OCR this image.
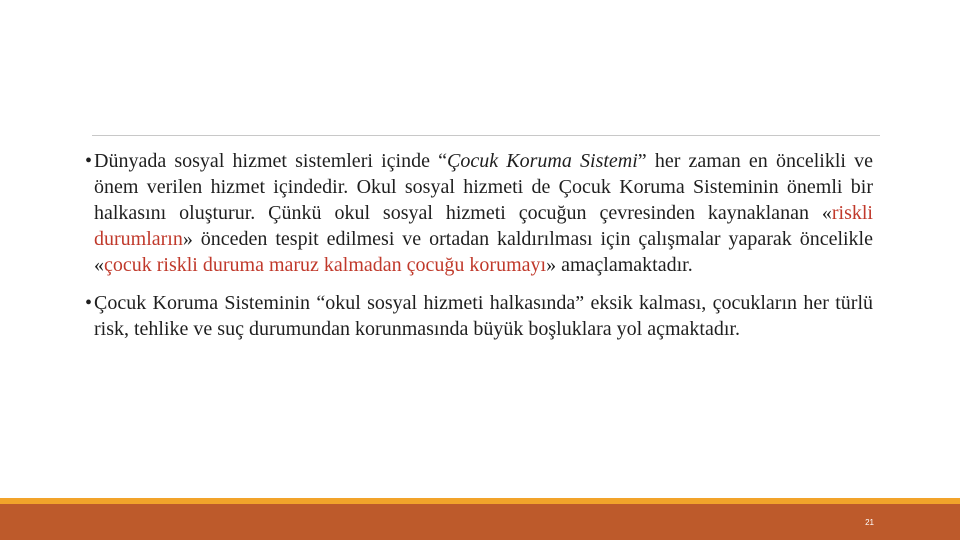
• Dünyada sosyal hizmet sistemleri içinde “Çocuk Koruma Sistemi” her zaman en öncelikli ve önem verilen hizmet içindedir. Okul sosyal hizmeti de Çocuk Koruma Sisteminin önemli bir halkasını oluşturur. Çünkü okul sosyal hizmeti çocuğun çevresinden kaynaklanan «riskli durumların» önceden tespit edilmesi ve ortadan kaldırılması için çalışmalar yaparak öncelikle «çocuk riskli duruma maruz kalmadan çocuğu korumayı» amaçlamaktadır.

• Çocuk Koruma Sisteminin “okul sosyal hizmeti halkasında” eksik kalması, çocukların her türlü risk, tehlike ve suç durumundan korunmasında büyük boşluklara yol açmaktadır.

21
